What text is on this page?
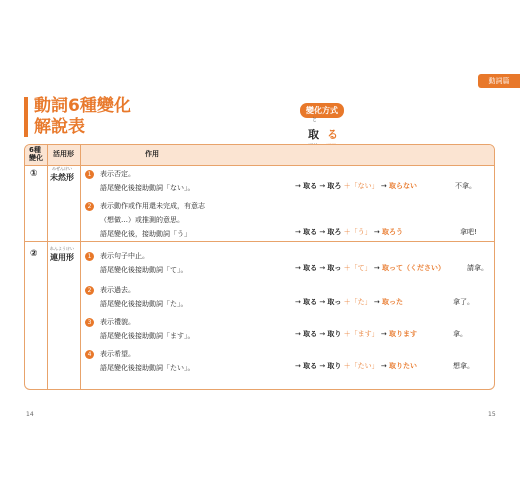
動詞篇
動詞6種變化
解說表
變化方式
と
取 る
6種變化	活用形	作用
①
みぜんけい
未然形	1 表示否定。
語尾變化後接助動詞「ない」。	→ 取る → 取ろ ＋「ない」 → 取らない	不拿。
2 表示動作或作用還未完成，有意志
（想做…）或推測的意思。
語尾變化後，接助動詞「う」	→ 取る → 取ろ ＋「う」 → 取ろう	拿吧!
②
れんようけい
連用形	1 表示句子中止。
語尾變化後接助動詞「て」。	→ 取る → 取っ ＋「て」 → 取って（ください）	請拿。
2 表示過去。
語尾變化後接助動詞「た」。	→ 取る → 取っ ＋「た」 → 取った	拿了。
3 表示禮貌。
語尾變化後接助動詞「ます」。	→ 取る → 取り ＋「ます」 → 取ります	拿。
4 表示希望。
語尾變化後接助動詞「たい」。	→ 取る → 取り ＋「たい」 → 取りたい	想拿。
14	15
